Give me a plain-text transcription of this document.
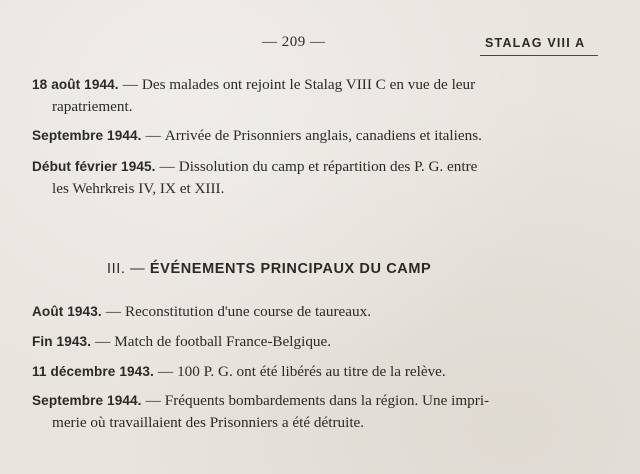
— 209 —	STALAG VIII A
18 août 1944. — Des malades ont rejoint le Stalag VIII C en vue de leur
rapatriement.
Septembre 1944. — Arrivée de Prisonniers anglais, canadiens et italiens.
Début février 1945. — Dissolution du camp et répartition des P. G. entre
les Wehrkreis IV, IX et XIII.
III. — ÉVÉNEMENTS PRINCIPAUX DU CAMP
Août 1943. — Reconstitution d'une course de taureaux.
Fin 1943. — Match de football France-Belgique.
11 décembre 1943. — 100 P. G. ont été libérés au titre de la relève.
Septembre 1944. — Fréquents bombardements dans la région. Une impri-
merie où travaillaient des Prisonniers a été détruite.
